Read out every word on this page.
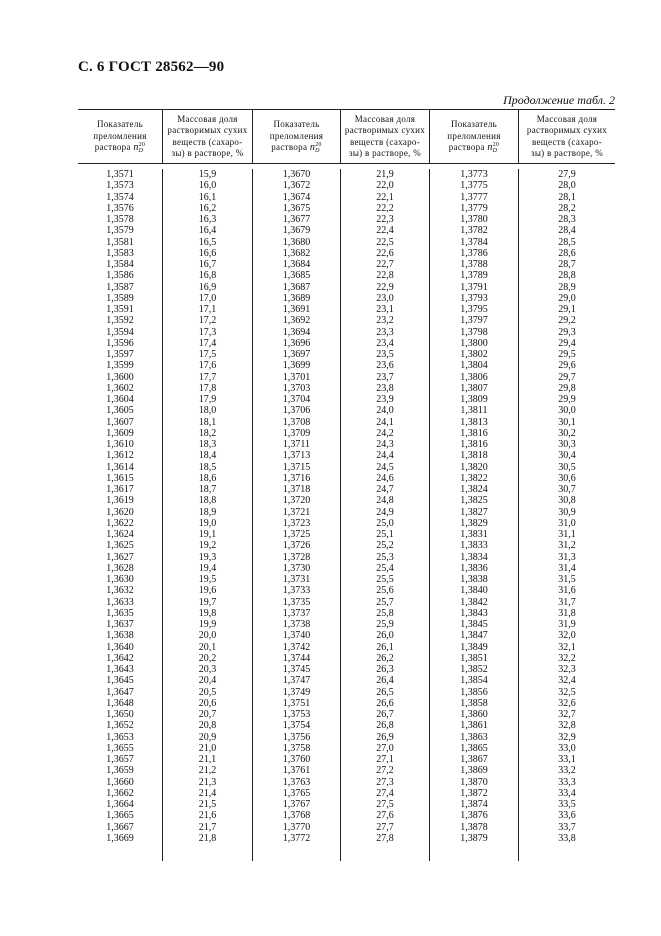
С. 6 ГОСТ 28562—90
Продолжение табл. 2
Показатель
преломления
раствора n 20
D
Массовая доля
растворимых сухих
веществ (сахаро-
зы) в растворе, %
Показатель
преломления
раствора n 20
D
Массовая доля
растворимых сухих
веществ (сахаро-
зы) в растворе, %
Показатель
преломления
раствора n 20
D
Массовая доля
растворимых сухих
веществ (сахаро-
зы) в растворе, %
1,3571
1,3573
1,3574
1,3576
1,3578
1,3579
1,3581
1,3583
1,3584
1,3586
1,3587
1,3589
1,3591
1,3592
1,3594
1,3596
1,3597
1,3599
1,3600
1,3602
1,3604
1,3605
1,3607
1,3609
1,3610
1,3612
1,3614
1,3615
1,3617
1,3619
1,3620
1,3622
1,3624
1,3625
1,3627
1,3628
1,3630
1,3632
1,3633
1,3635
1,3637
1,3638
1,3640
1,3642
1,3643
1,3645
1,3647
1,3648
1,3650
1,3652
1,3653
1,3655
1,3657
1,3659
1,3660
1,3662
1,3664
1,3665
1,3667
1,3669
15,9
16,0
16,1
16,2
16,3
16,4
16,5
16,6
16,7
16,8
16,9
17,0
17,1
17,2
17,3
17,4
17,5
17,6
17,7
17,8
17,9
18,0
18,1
18,2
18,3
18,4
18,5
18,6
18,7
18,8
18,9
19,0
19,1
19,2
19,3
19,4
19,5
19,6
19,7
19,8
19,9
20,0
20,1
20,2
20,3
20,4
20,5
20,6
20,7
20,8
20,9
21,0
21,1
21,2
21,3
21,4
21,5
21,6
21,7
21,8
1,3670
1,3672
1,3674
1,3675
1,3677
1,3679
1,3680
1,3682
1,3684
1,3685
1,3687
1,3689
1,3691
1,3692
1,3694
1,3696
1,3697
1,3699
1,3701
1,3703
1,3704
1,3706
1,3708
1,3709
1,3711
1,3713
1,3715
1,3716
1,3718
1,3720
1,3721
1,3723
1,3725
1,3726
1,3728
1,3730
1,3731
1,3733
1,3735
1,3737
1,3738
1,3740
1,3742
1,3744
1,3745
1,3747
1,3749
1,3751
1,3753
1,3754
1,3756
1,3758
1,3760
1,3761
1,3763
1,3765
1,3767
1,3768
1,3770
1,3772
21,9
22,0
22,1
22,2
22,3
22,4
22,5
22,6
22,7
22,8
22,9
23,0
23,1
23,2
23,3
23,4
23,5
23,6
23,7
23,8
23,9
24,0
24,1
24,2
24,3
24,4
24,5
24,6
24,7
24,8
24,9
25,0
25,1
25,2
25,3
25,4
25,5
25,6
25,7
25,8
25,9
26,0
26,1
26,2
26,3
26,4
26,5
26,6
26,7
26,8
26,9
27,0
27,1
27,2
27,3
27,4
27,5
27,6
27,7
27,8
1,3773
1,3775
1,3777
1,3779
1,3780
1,3782
1,3784
1,3786
1,3788
1,3789
1,3791
1,3793
1,3795
1,3797
1,3798
1,3800
1,3802
1,3804
1,3806
1,3807
1,3809
1,3811
1,3813
1,3816
1,3816
1,3818
1,3820
1,3822
1,3824
1,3825
1,3827
1,3829
1,3831
1,3833
1,3834
1,3836
1,3838
1,3840
1,3842
1,3843
1,3845
1,3847
1,3849
1,3851
1,3852
1,3854
1,3856
1,3858
1,3860
1,3861
1,3863
1,3865
1,3867
1,3869
1,3870
1,3872
1,3874
1,3876
1,3878
1,3879
27,9
28,0
28,1
28,2
28,3
28,4
28,5
28,6
28,7
28,8
28,9
29,0
29,1
29,2
29,3
29,4
29,5
29,6
29,7
29,8
29,9
30,0
30,1
30,2
30,3
30,4
30,5
30,6
30,7
30,8
30,9
31,0
31,1
31,2
31,3
31,4
31,5
31,6
31,7
31,8
31,9
32,0
32,1
32,2
32,3
32,4
32,5
32,6
32,7
32,8
32,9
33,0
33,1
33,2
33,3
33,4
33,5
33,6
33,7
33,8
